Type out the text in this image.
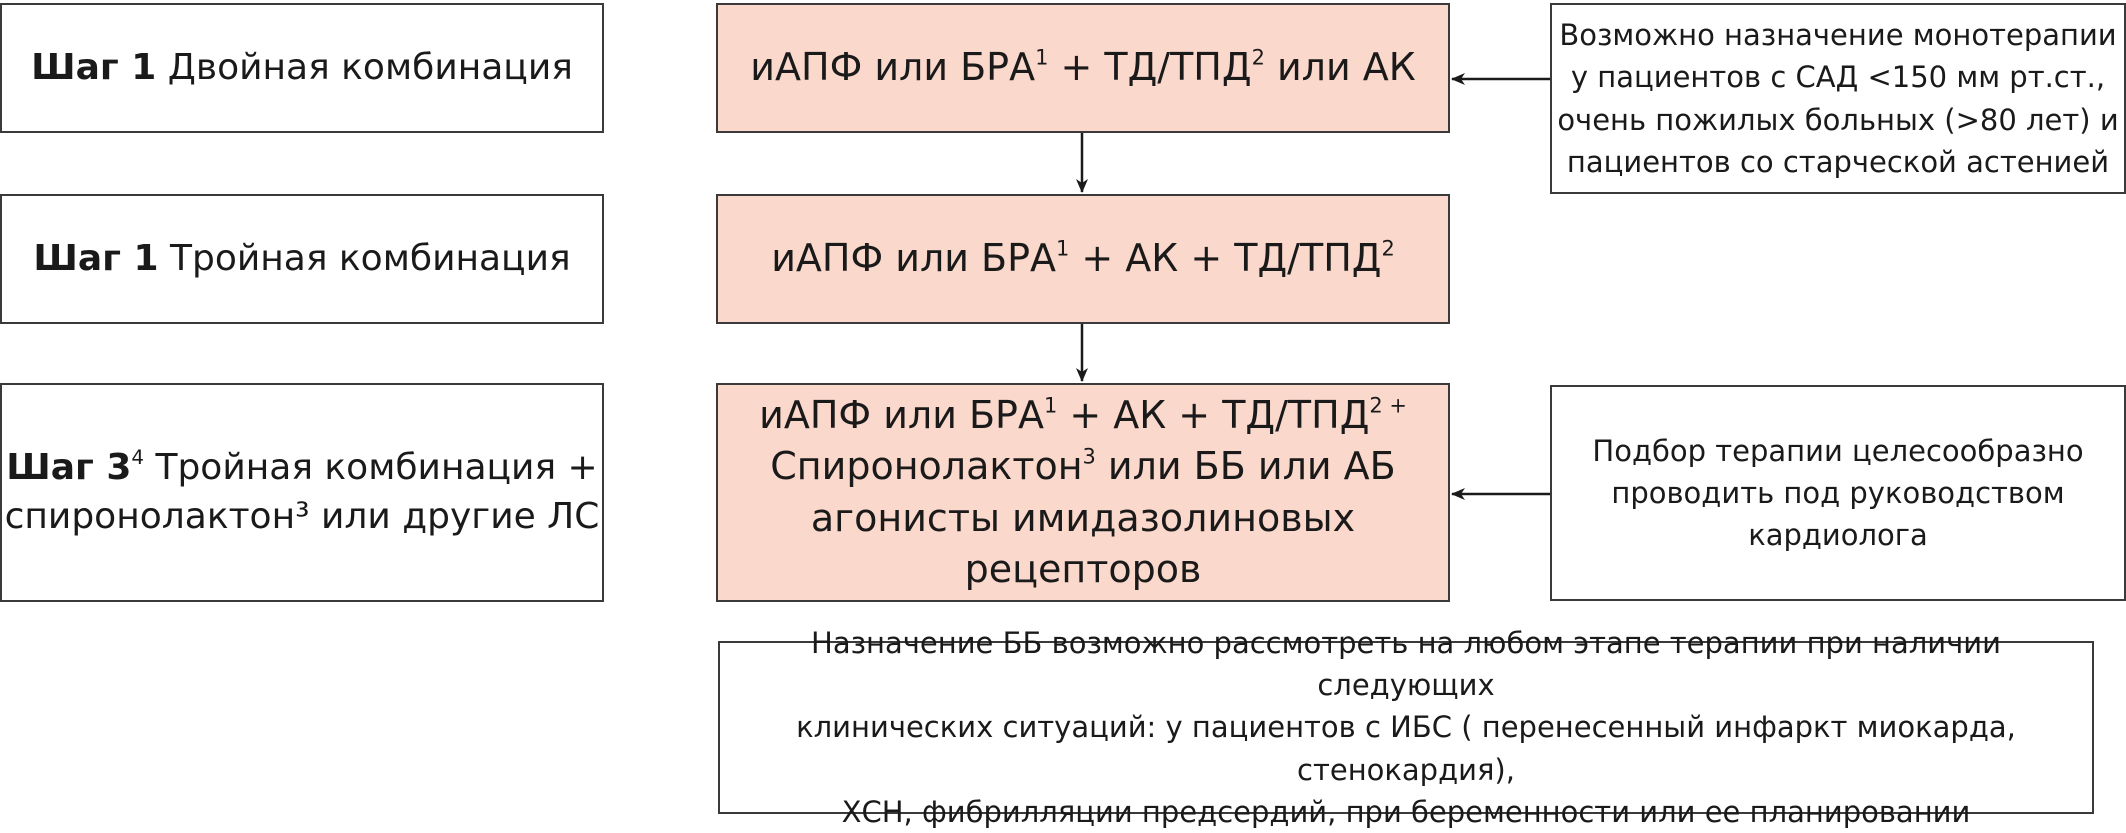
Шаг 1 Двойная комбинация
Шаг 1 Тройная комбинация
Шаг $3^4$ Тройная комбинация +
спиронолактон³ или другие ЛС
иАПФ или $БРА^1 + ТД/ТПД^2$ или АК
иАПФ или $БРА^1$ + АК + $ТД/ТПД^2$
иАПФ или $БРА^1$ + АК + $ТД/ТПД^{2 +}$
Спиронолактон$^3$ или ББ или АБ
агонисты имидазолиновых рецепторов
Возможно назначение монотерапии
у пациентов с САД <150 мм рт.ст.,
очень пожилых больных (>80 лет) и
пациентов со старческой астенией
Подбор терапии целесообразно
проводить под руководством
кардиолога
Назначение ББ возможно рассмотреть на любом этапе терапии при наличии следующих
клинических ситуаций: у пациентов с ИБС ( перенесенный инфаркт миокарда, стенокардия),
ХСН, фибрилляции предсердий, при беременности или ее планировании
